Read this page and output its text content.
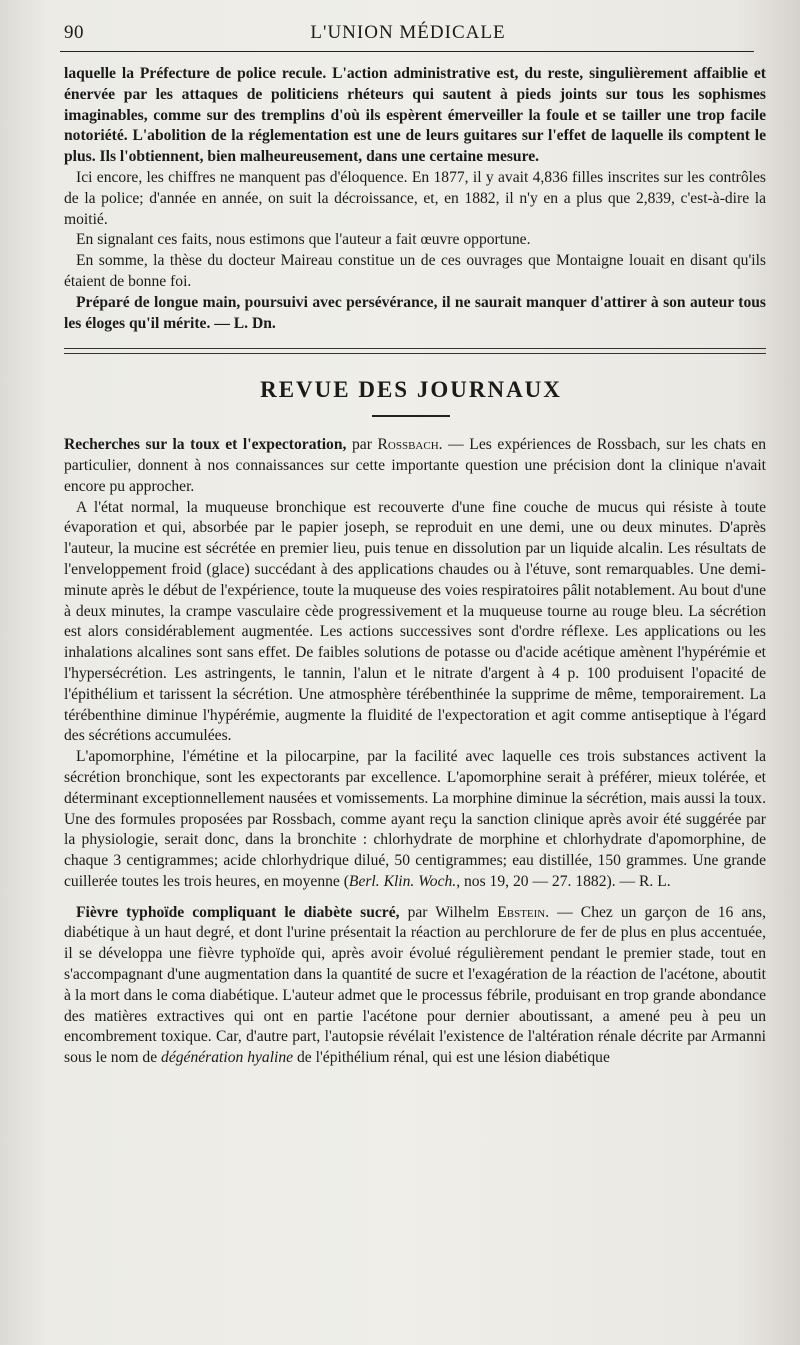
90	L'UNION MÉDICALE

laquelle la Préfecture de police recule. L'action administrative est, du reste, singulièrement affaiblie et énervée par les attaques de politiciens rhéteurs qui sautent à pieds joints sur tous les sophismes imaginables, comme sur des tremplins d'où ils espèrent émerveiller la foule et se tailler une trop facile notoriété. L'abolition de la réglementation est une de leurs guitares sur l'effet de laquelle ils comptent le plus. Ils l'obtiennent, bien malheureusement, dans une certaine mesure.

Ici encore, les chiffres ne manquent pas d'éloquence. En 1877, il y avait 4,836 filles inscrites sur les contrôles de la police; d'année en année, on suit la décroissance, et, en 1882, il n'y en a plus que 2,839, c'est-à-dire la moitié.

En signalant ces faits, nous estimons que l'auteur a fait œuvre opportune.

En somme, la thèse du docteur Maireau constitue un de ces ouvrages que Montaigne louait en disant qu'ils étaient de bonne foi.

Préparé de longue main, poursuivi avec persévérance, il ne saurait manquer d'attirer à son auteur tous les éloges qu'il mérite. — L. Dn.

REVUE DES JOURNAUX

Recherches sur la toux et l'expectoration, par Rossbach. — Les expériences de Rossbach, sur les chats en particulier, donnent à nos connaissances sur cette importante question une précision dont la clinique n'avait encore pu approcher.

A l'état normal, la muqueuse bronchique est recouverte d'une fine couche de mucus qui résiste à toute évaporation et qui, absorbée par le papier joseph, se reproduit en une demi, une ou deux minutes. D'après l'auteur, la mucine est sécrétée en premier lieu, puis tenue en dissolution par un liquide alcalin. Les résultats de l'enveloppement froid (glace) succédant à des applications chaudes ou à l'étuve, sont remarquables. Une demi-minute après le début de l'expérience, toute la muqueuse des voies respiratoires pâlit notablement. Au bout d'une à deux minutes, la crampe vasculaire cède progressivement et la muqueuse tourne au rouge bleu. La sécrétion est alors considérablement augmentée. Les actions successives sont d'ordre réflexe. Les applications ou les inhalations alcalines sont sans effet. De faibles solutions de potasse ou d'acide acétique amènent l'hypérémie et l'hypersécrétion. Les astringents, le tannin, l'alun et le nitrate d'argent à 4 p. 100 produisent l'opacité de l'épithélium et tarissent la sécrétion. Une atmosphère térébenthinée la supprime de même, temporairement. La térébenthine diminue l'hypérémie, augmente la fluidité de l'expectoration et agit comme antiseptique à l'égard des sécrétions accumulées.

L'apomorphine, l'émétine et la pilocarpine, par la facilité avec laquelle ces trois substances activent la sécrétion bronchique, sont les expectorants par excellence. L'apomorphine serait à préférer, mieux tolérée, et déterminant exceptionnellement nausées et vomissements. La morphine diminue la sécrétion, mais aussi la toux. Une des formules proposées par Rossbach, comme ayant reçu la sanction clinique après avoir été suggérée par la physiologie, serait donc, dans la bronchite : chlorhydrate de morphine et chlorhydrate d'apomorphine, de chaque 3 centigrammes; acide chlorhydrique dilué, 50 centigrammes; eau distillée, 150 grammes. Une grande cuillerée toutes les trois heures, en moyenne (Berl. Klin. Woch., nos 19, 20 — 27. 1882). — R. L.

Fièvre typhoïde compliquant le diabète sucré, par Wilhelm Ebstein. — Chez un garçon de 16 ans, diabétique à un haut degré, et dont l'urine présentait la réaction au perchlorure de fer de plus en plus accentuée, il se développa une fièvre typhoïde qui, après avoir évolué régulièrement pendant le premier stade, tout en s'accompagnant d'une augmentation dans la quantité de sucre et l'exagération de la réaction de l'acétone, aboutit à la mort dans le coma diabétique. L'auteur admet que le processus fébrile, produisant en trop grande abondance des matières extractives qui ont en partie l'acétone pour dernier aboutissant, a amené peu à peu un encombrement toxique. Car, d'autre part, l'autopsie révélait l'existence de l'altération rénale décrite par Armanni sous le nom de dégénération hyaline de l'épithélium rénal, qui est une lésion diabétique
